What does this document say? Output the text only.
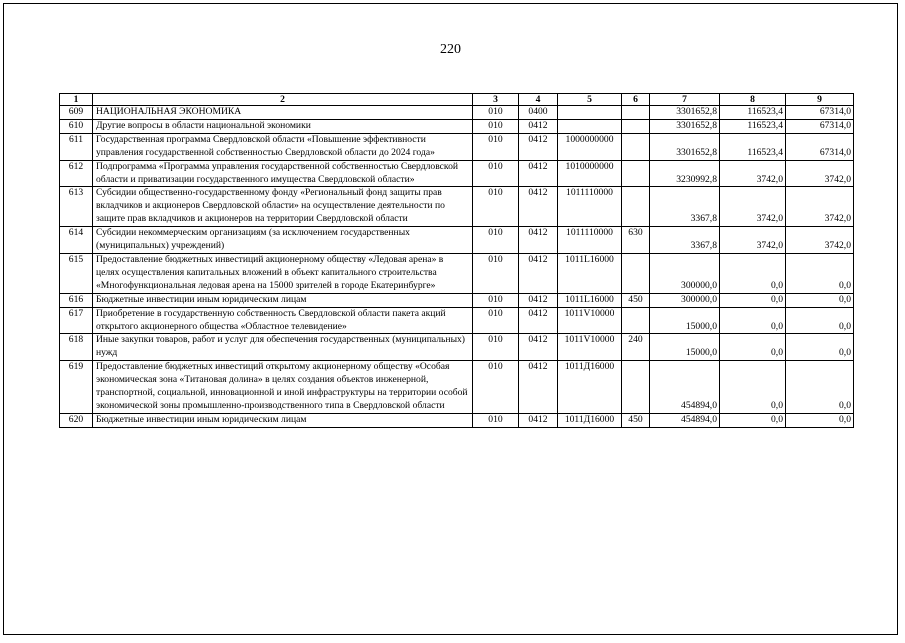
220
1	2	3	4	5	6	7	8	9
609	НАЦИОНАЛЬНАЯ ЭКОНОМИКА	010	0400			3301652,8	116523,4	67314,0
610	Другие вопросы в области национальной экономики	010	0412			3301652,8	116523,4	67314,0
611	Государственная программа Свердловской области «Повышение эффективности управления государственной собственностью Свердловской области до 2024 года»	010	0412	1000000000		3301652,8	116523,4	67314,0
612	Подпрограмма «Программа управления государственной собственностью Свердловской области и приватизации государственного имущества Свердловской области»	010	0412	1010000000		3230992,8	3742,0	3742,0
613	Субсидии общественно-государственному фонду «Региональный фонд защиты прав вкладчиков и акционеров Свердловской области» на осуществление деятельности по защите прав вкладчиков и акционеров на территории Свердловской области	010	0412	1011110000		3367,8	3742,0	3742,0
614	Субсидии некоммерческим организациям (за исключением государственных (муниципальных) учреждений)	010	0412	1011110000	630	3367,8	3742,0	3742,0
615	Предоставление бюджетных инвестиций акционерному обществу «Ледовая арена» в целях осуществления капитальных вложений в объект капитального строительства «Многофункциональная ледовая арена на 15000 зрителей в городе Екатеринбурге»	010	0412	1011L16000		300000,0	0,0	0,0
616	Бюджетные инвестиции иным юридическим лицам	010	0412	1011L16000	450	300000,0	0,0	0,0
617	Приобретение в государственную собственность Свердловской области пакета акций открытого акционерного общества «Областное телевидение»	010	0412	1011V10000		15000,0	0,0	0,0
618	Иные закупки товаров, работ и услуг для обеспечения государственных (муниципальных) нужд	010	0412	1011V10000	240	15000,0	0,0	0,0
619	Предоставление бюджетных инвестиций открытому акционерному обществу «Особая экономическая зона «Титановая долина» в целях создания объектов инженерной, транспортной, социальной, инновационной и иной инфраструктуры на территории особой экономической зоны промышленно-производственного типа в Свердловской области	010	0412	1011Д16000		454894,0	0,0	0,0
620	Бюджетные инвестиции иным юридическим лицам	010	0412	1011Д16000	450	454894,0	0,0	0,0
